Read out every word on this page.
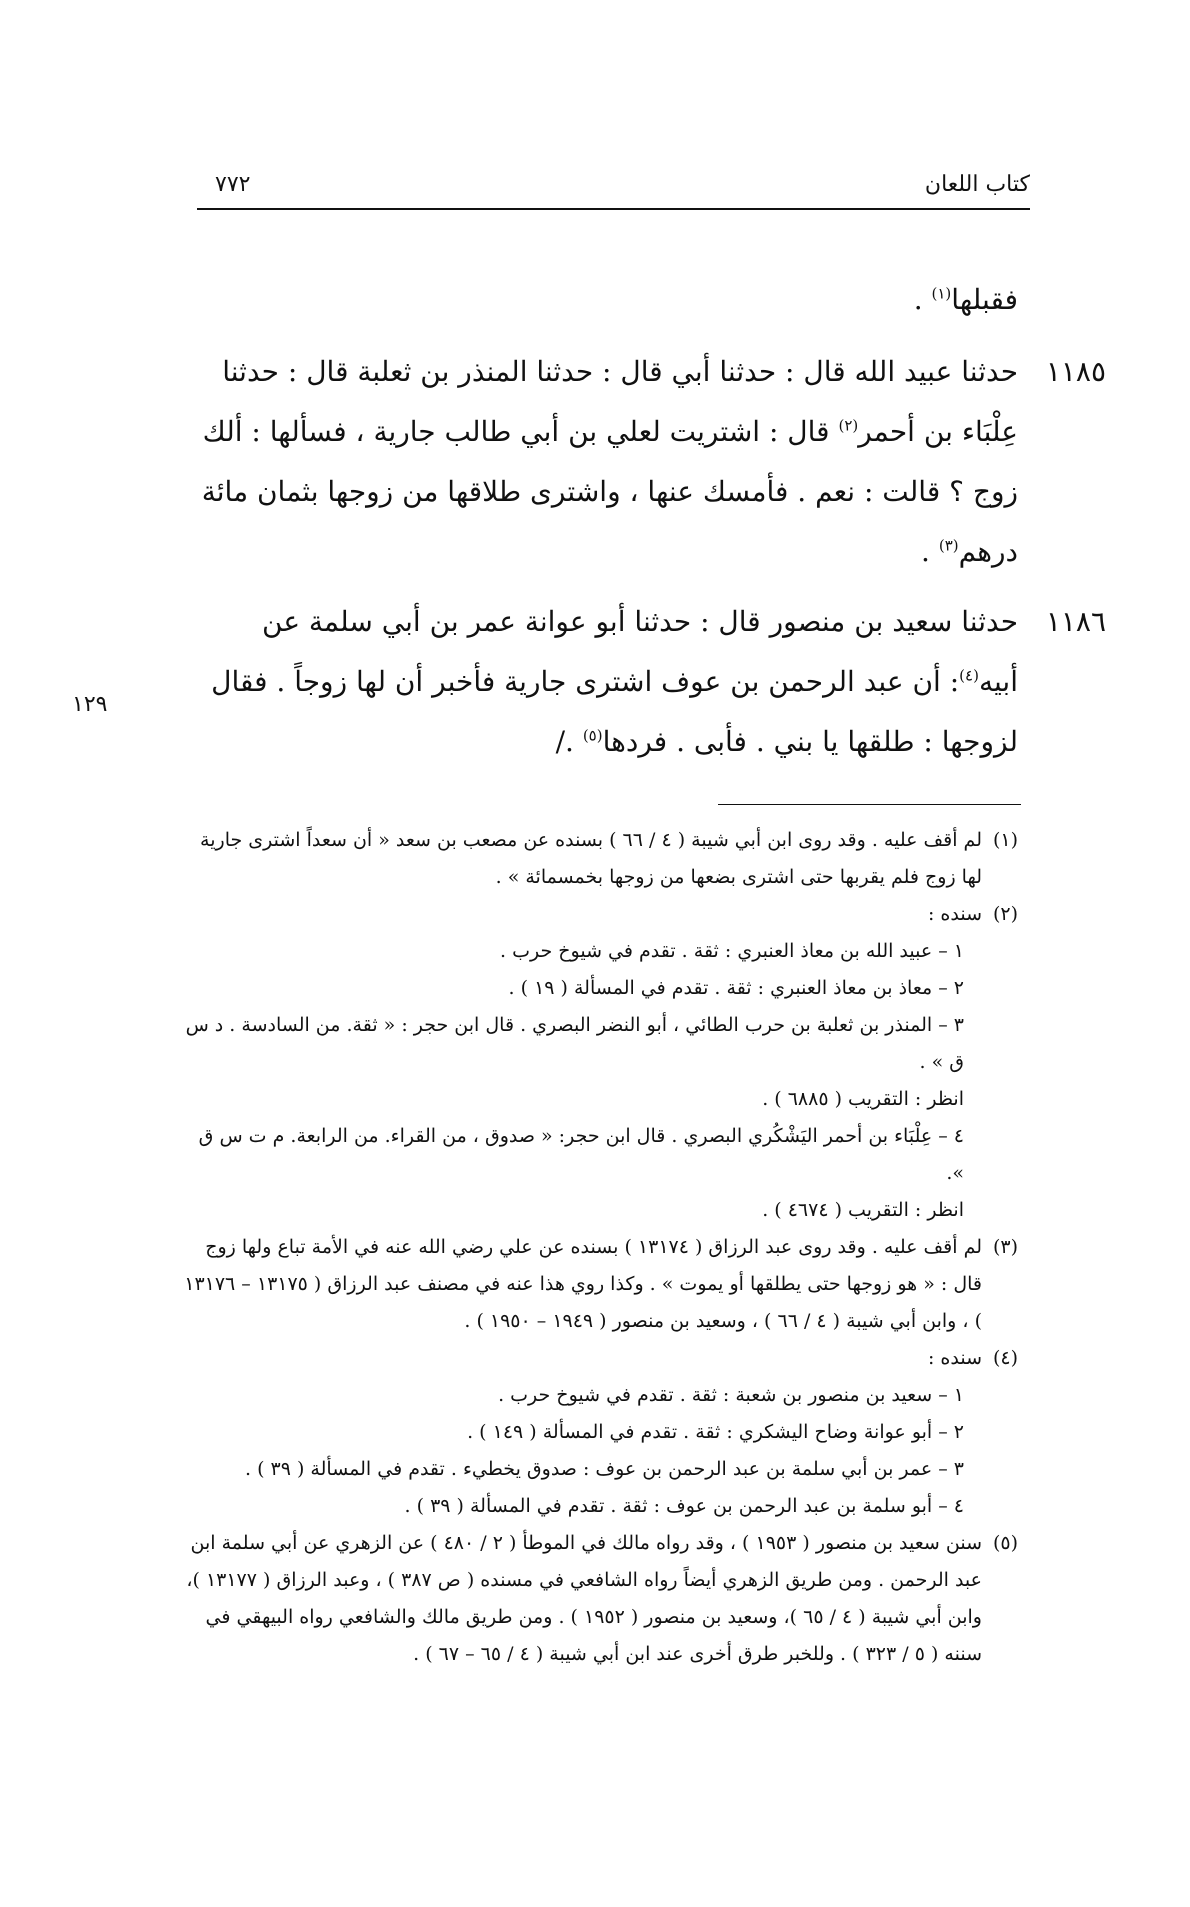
كتاب اللعان
٧٧٢
١٢٩

فقبلها$^{(١)}$ .

١١٨٥
حدثنا عبيد الله قال : حدثنا أبي قال : حدثنا المنذر بن ثعلبة قال : حدثنا عِلْبَاء بن أحمر$^{(٢)}$ قال : اشتريت لعلي بن أبي طالب جارية ، فسألها : ألك زوج ؟ قالت : نعم . فأمسك عنها ، واشترى طلاقها من زوجها بثمان مائة درهم$^{(٣)}$ .

١١٨٦
حدثنا سعيد بن منصور قال : حدثنا أبو عوانة عمر بن أبي سلمة عن أبيه$^{(٤)}$: أن عبد الرحمن بن عوف اشترى جارية فأخبر أن لها زوجاً . فقال لزوجها : طلقها يا بني . فأبى . فردها$^{(٥)}$ ./

(١)
لم أقف عليه . وقد روى ابن أبي شيبة ( ٤ / ٦٦ ) بسنده عن مصعب بن سعد « أن سعداً اشترى جارية لها زوج فلم يقربها حتى اشترى بضعها من زوجها بخمسمائة » .

(٢)
سنده :

١ – عبيد الله بن معاذ العنبري : ثقة . تقدم في شيوخ حرب .

٢ – معاذ بن معاذ العنبري : ثقة . تقدم في المسألة ( ١٩ ) .

٣ – المنذر بن ثعلبة بن حرب الطائي ، أبو النضر البصري . قال ابن حجر : « ثقة. من السادسة . د س ق » .

انظر : التقريب ( ٦٨٨٥ ) .

٤ – عِلْبَاء بن أحمر اليَشْكُري البصري . قال ابن حجر: « صدوق ، من القراء. من الرابعة. م ت س ق ».

انظر : التقريب ( ٤٦٧٤ ) .

(٣)
لم أقف عليه . وقد روى عبد الرزاق ( ١٣١٧٤ ) بسنده عن علي رضي الله عنه في الأمة تباع ولها زوج قال : « هو زوجها حتى يطلقها أو يموت » . وكذا روي هذا عنه في مصنف عبد الرزاق ( ١٣١٧٥ – ١٣١٧٦ ) ، وابن أبي شيبة ( ٤ / ٦٦ ) ، وسعيد بن منصور ( ١٩٤٩ – ١٩٥٠ ) .

(٤)
سنده :

١ – سعيد بن منصور بن شعبة : ثقة . تقدم في شيوخ حرب .

٢ – أبو عوانة وضاح اليشكري : ثقة . تقدم في المسألة ( ١٤٩ ) .

٣ – عمر بن أبي سلمة بن عبد الرحمن بن عوف : صدوق يخطيء . تقدم في المسألة ( ٣٩ ) .

٤ – أبو سلمة بن عبد الرحمن بن عوف : ثقة . تقدم في المسألة ( ٣٩ ) .

(٥)
سنن سعيد بن منصور ( ١٩٥٣ ) ، وقد رواه مالك في الموطأ ( ٢ / ٤٨٠ ) عن الزهري عن أبي سلمة ابن عبد الرحمن . ومن طريق الزهري أيضاً رواه الشافعي في مسنده ( ص ٣٨٧ ) ، وعبد الرزاق ( ١٣١٧٧ )، وابن أبي شيبة ( ٤ / ٦٥ )، وسعيد بن منصور ( ١٩٥٢ ) . ومن طريق مالك والشافعي رواه البيهقي في سننه ( ٥ / ٣٢٣ ) . وللخبر طرق أخرى عند ابن أبي شيبة ( ٤ / ٦٥ – ٦٧ ) .
